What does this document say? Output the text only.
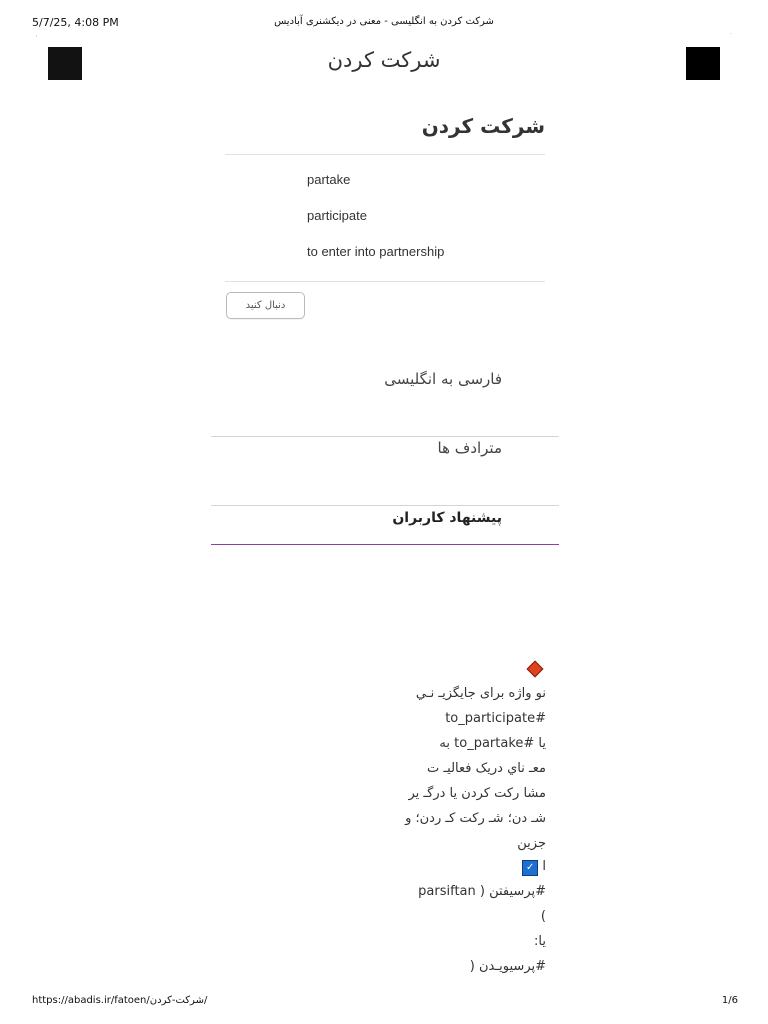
5/7/25, 4:08 PM	شرکت کردن به انگلیسی - معنی در دیکشنری آبادیس
https://abadis.ir/fatoen/شرکت-کردن/	1/6
ˌ	·
شرکت کردن
شرکت کردن
partake
participate
to enter into partnership
دنبال کنید
فارسی به انگلیسی
مترادف ها
پیشنهاد کاربران
نو واژه برای جایگزیـ نـي
#to_participate
یا #to_partake به
معـ ناي دریک فعالیـ ت
مشا رکت کردن یا درگـ یر
شـ دن؛ شـ رکت کـ ردن؛ و
جزین
ا ✓
#پرسیفتن ( parsiftan
)
یا:
#پرسیویـدن (
